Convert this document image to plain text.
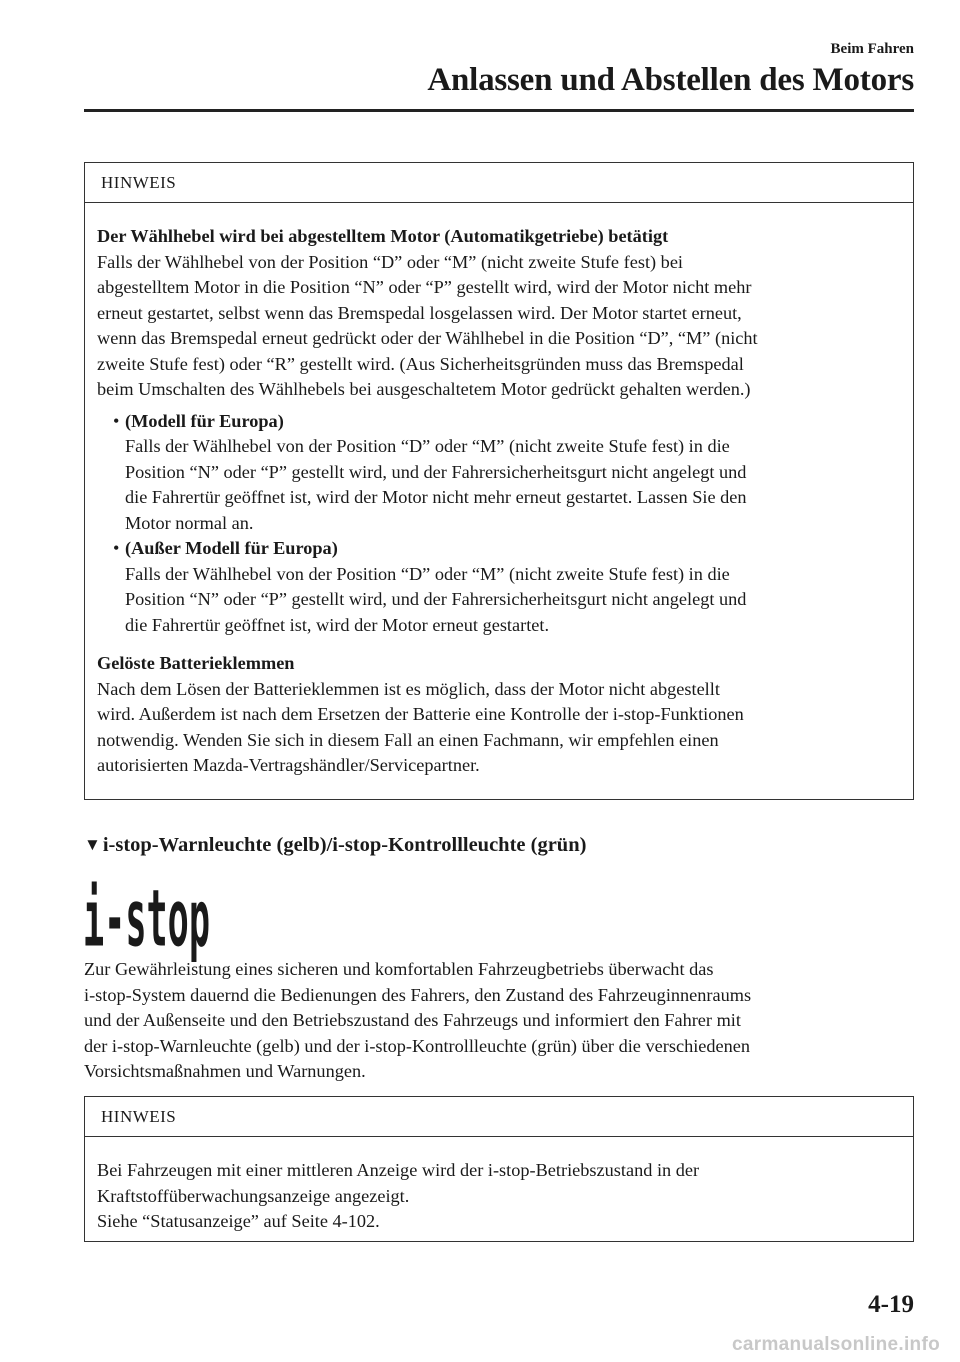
Beim Fahren
Anlassen und Abstellen des Motors
HINWEIS

Der Wählhebel wird bei abgestelltem Motor (Automatikgetriebe) betätigt

Falls der Wählhebel von der Position “D” oder “M” (nicht zweite Stufe fest) bei

abgestelltem Motor in die Position “N” oder “P” gestellt wird, wird der Motor nicht mehr

erneut gestartet, selbst wenn das Bremspedal losgelassen wird. Der Motor startet erneut,

wenn das Bremspedal erneut gedrückt oder der Wählhebel in die Position “D”, “M” (nicht

zweite Stufe fest) oder “R” gestellt wird. (Aus Sicherheitsgründen muss das Bremspedal

beim Umschalten des Wählhebels bei ausgeschaltetem Motor gedrückt gehalten werden.)

• (Modell für Europa)

Falls der Wählhebel von der Position “D” oder “M” (nicht zweite Stufe fest) in die

Position “N” oder “P” gestellt wird, und der Fahrersicherheitsgurt nicht angelegt und

die Fahrertür geöffnet ist, wird der Motor nicht mehr erneut gestartet. Lassen Sie den

Motor normal an.

• (Außer Modell für Europa)

Falls der Wählhebel von der Position “D” oder “M” (nicht zweite Stufe fest) in die

Position “N” oder “P” gestellt wird, und der Fahrersicherheitsgurt nicht angelegt und

die Fahrertür geöffnet ist, wird der Motor erneut gestartet.

Gelöste Batterieklemmen

Nach dem Lösen der Batterieklemmen ist es möglich, dass der Motor nicht abgestellt

wird. Außerdem ist nach dem Ersetzen der Batterie eine Kontrolle der i-stop-Funktionen

notwendig. Wenden Sie sich in diesem Fall an einen Fachmann, wir empfehlen einen

autorisierten Mazda-Vertragshändler/Servicepartner.

▼i-stop-Warnleuchte (gelb)/i-stop-Kontrollleuchte (grün)
i-stop

Zur Gewährleistung eines sicheren und komfortablen Fahrzeugbetriebs überwacht das

i-stop-System dauernd die Bedienungen des Fahrers, den Zustand des Fahrzeuginnenraums

und der Außenseite und den Betriebszustand des Fahrzeugs und informiert den Fahrer mit

der i-stop-Warnleuchte (gelb) und der i-stop-Kontrollleuchte (grün) über die verschiedenen

Vorsichtsmaßnahmen und Warnungen.

HINWEIS

Bei Fahrzeugen mit einer mittleren Anzeige wird der i-stop-Betriebszustand in der

Kraftstoffüberwachungsanzeige angezeigt.

Siehe “Statusanzeige” auf Seite 4-102.

4-19
carmanualsonline.info
